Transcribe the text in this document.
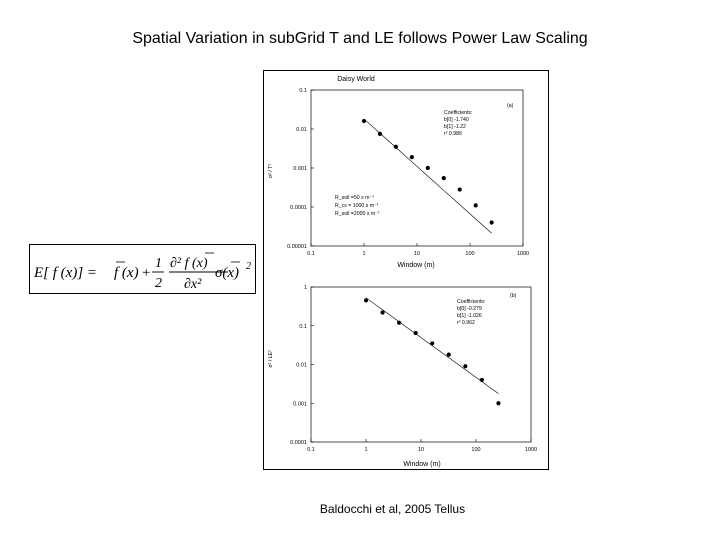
Spatial Variation in subGrid T and LE follows Power Law Scaling
E[ f (x)] = f (x) +
1
2
∂² f (x)
∂x²
σ(x) 2
Daisy World
(a)
Coefficients:
b[0] -1.740
b[1] -1.22
r² 0.986
R_soil =50 s m⁻¹
R_cs = 1000 s m⁻¹
R_soil =2000 s m⁻¹
Window (m)
σ² / T²
0.1	1	10	100	1000
0.00001
0.0001
0.001
0.01
0.1
(b)
Coefficients:
b[0] -0.279
b[1] -1.026
r² 0.962
Window (m)
σ² / LE²
0.1	1	10	100	1000
0.0001
0.001
0.01
0.1
1
Baldocchi et al, 2005 Tellus
